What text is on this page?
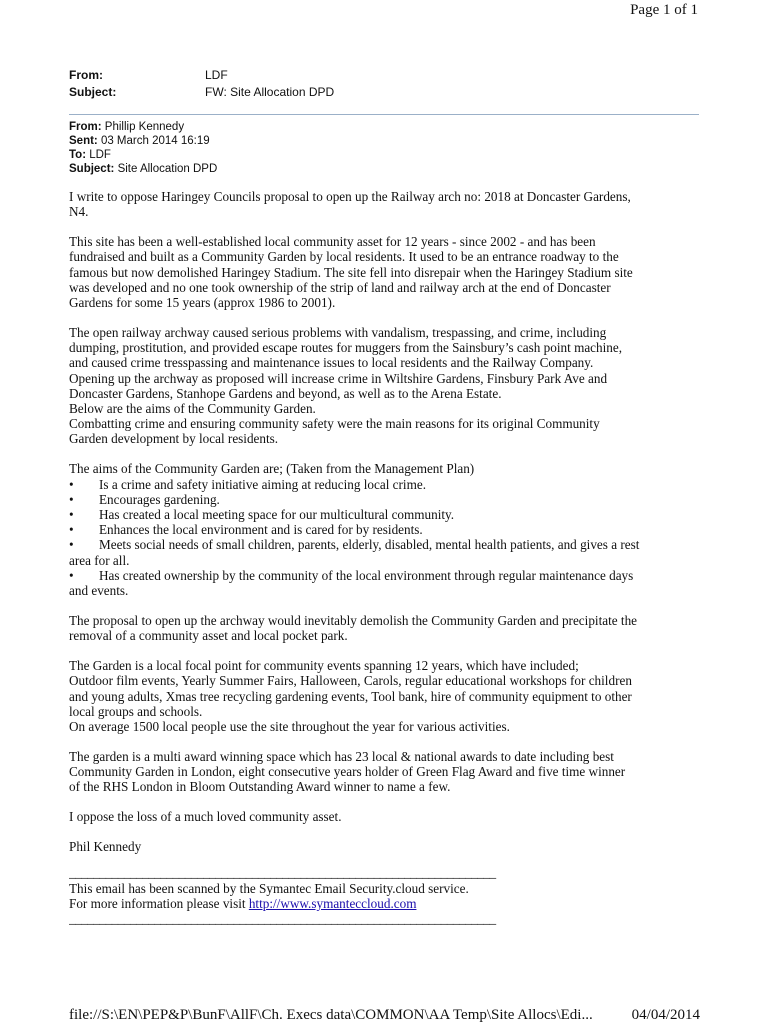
Page 1 of 1
From:	LDF
Subject:	FW: Site Allocation DPD
From: Phillip Kennedy
Sent: 03 March 2014 16:19
To: LDF
Subject: Site Allocation DPD

I write to oppose Haringey Councils proposal to open up the Railway arch no: 2018 at Doncaster Gardens,
N4.

This site has been a well-established local community asset for 12 years - since 2002 - and has been
fundraised and built as a Community Garden by local residents. It used to be an entrance roadway to the
famous but now demolished Haringey Stadium. The site fell into disrepair when the Haringey Stadium site
was developed and no one took ownership of the strip of land and railway arch at the end of Doncaster
Gardens for some 15 years (approx 1986 to 2001).

The open railway archway caused serious problems with vandalism, trespassing, and crime, including
dumping, prostitution, and provided escape routes for muggers from the Sainsbury’s cash point machine,
and caused crime tresspassing and maintenance issues to local residents and the Railway Company.
Opening up the archway as proposed will increase crime in Wiltshire Gardens, Finsbury Park Ave and
Doncaster Gardens, Stanhope Gardens and beyond, as well as to the Arena Estate.
Below are the aims of the Community Garden.
Combatting crime and ensuring community safety were the main reasons for its original Community
Garden development by local residents.

The aims of the Community Garden are; (Taken from the Management Plan)
• Is a crime and safety initiative aiming at reducing local crime.
• Encourages gardening.
• Has created a local meeting space for our multicultural community.
• Enhances the local environment and is cared for by residents.
• Meets social needs of small children, parents, elderly, disabled, mental health patients, and gives a rest
area for all.
• Has created ownership by the community of the local environment through regular maintenance days
and events.

The proposal to open up the archway would inevitably demolish the Community Garden and precipitate the
removal of a community asset and local pocket park.

The Garden is a local focal point for community events spanning 12 years, which have included;
Outdoor film events, Yearly Summer Fairs, Halloween, Carols, regular educational workshops for children
and young adults, Xmas tree recycling gardening events, Tool bank, hire of community equipment to other
local groups and schools.
On average 1500 local people use the site throughout the year for various activities.

The garden is a multi award winning space which has 23 local & national awards to date including best
Community Garden in London, eight consecutive years holder of Green Flag Award and five time winner
of the RHS London in Bloom Outstanding Award winner to name a few.

I oppose the loss of a much loved community asset.

Phil Kennedy

______________________________________________________________________
This email has been scanned by the Symantec Email Security.cloud service.
For more information please visit http://www.symanteccloud.com
______________________________________________________________________
file://S:\EN\PEP&P\BunF\AllF\Ch. Execs data\COMMON\AA Temp\Site Allocs\Edi...	04/04/2014
